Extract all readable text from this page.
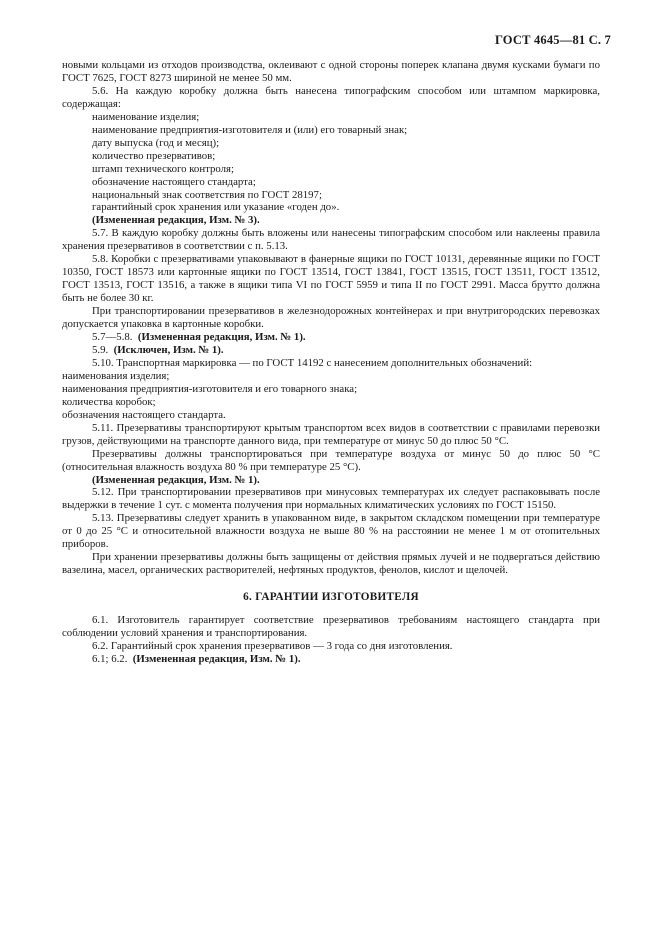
ГОСТ 4645—81 С. 7

новыми кольцами из отходов производства, оклеивают с одной стороны поперек клапана двумя кусками бумаги по ГОСТ 7625, ГОСТ 8273 шириной не менее 50 мм.

5.6. На каждую коробку должна быть нанесена типографским способом или штампом маркировка, содержащая:

наименование изделия;

наименование предприятия-изготовителя и (или) его товарный знак;

дату выпуска (год и месяц);

количество презервативов;

штамп технического контроля;

обозначение настоящего стандарта;

национальный знак соответствия по ГОСТ 28197;

гарантийный срок хранения или указание «годен до».

(Измененная редакция, Изм. № 3).

5.7. В каждую коробку должны быть вложены или нанесены типографским способом или наклеены правила хранения презервативов в соответствии с п. 5.13.

5.8. Коробки с презервативами упаковывают в фанерные ящики по ГОСТ 10131, деревянные ящики по ГОСТ 10350, ГОСТ 18573 или картонные ящики по ГОСТ 13514, ГОСТ 13841, ГОСТ 13515, ГОСТ 13511, ГОСТ 13512, ГОСТ 13513, ГОСТ 13516, а также в ящики типа VI по ГОСТ 5959 и типа II по ГОСТ 2991. Масса брутто должна быть не более 30 кг.

При транспортировании презервативов в железнодорожных контейнерах и при внутригородских перевозках допускается упаковка в картонные коробки.

5.7—5.8. (Измененная редакция, Изм. № 1).

5.9. (Исключен, Изм. № 1).

5.10. Транспортная маркировка — по ГОСТ 14192 с нанесением дополнительных обозначений:

наименования изделия;

наименования предприятия-изготовителя и его товарного знака;

количества коробок;

обозначения настоящего стандарта.

5.11. Презервативы транспортируют крытым транспортом всех видов в соответствии с правилами перевозки грузов, действующими на транспорте данного вида, при температуре от минус 50 до плюс 50 °С.

Презервативы должны транспортироваться при температуре воздуха от минус 50 до плюс 50 °С (относительная влажность воздуха 80 % при температуре 25 °С).

(Измененная редакция, Изм. № 1).

5.12. При транспортировании презервативов при минусовых температурах их следует распаковывать после выдержки в течение 1 сут. с момента получения при нормальных климатических условиях по ГОСТ 15150.

5.13. Презервативы следует хранить в упакованном виде, в закрытом складском помещении при температуре от 0 до 25 °С и относительной влажности воздуха не выше 80 % на расстоянии не менее 1 м от отопительных приборов.

При хранении презервативы должны быть защищены от действия прямых лучей и не подвергаться действию вазелина, масел, органических растворителей, нефтяных продуктов, фенолов, кислот и щелочей.

6. ГАРАНТИИ ИЗГОТОВИТЕЛЯ

6.1. Изготовитель гарантирует соответствие презервативов требованиям настоящего стандарта при соблюдении условий хранения и транспортирования.

6.2. Гарантийный срок хранения презервативов — 3 года со дня изготовления.

6.1; 6.2. (Измененная редакция, Изм. № 1).
